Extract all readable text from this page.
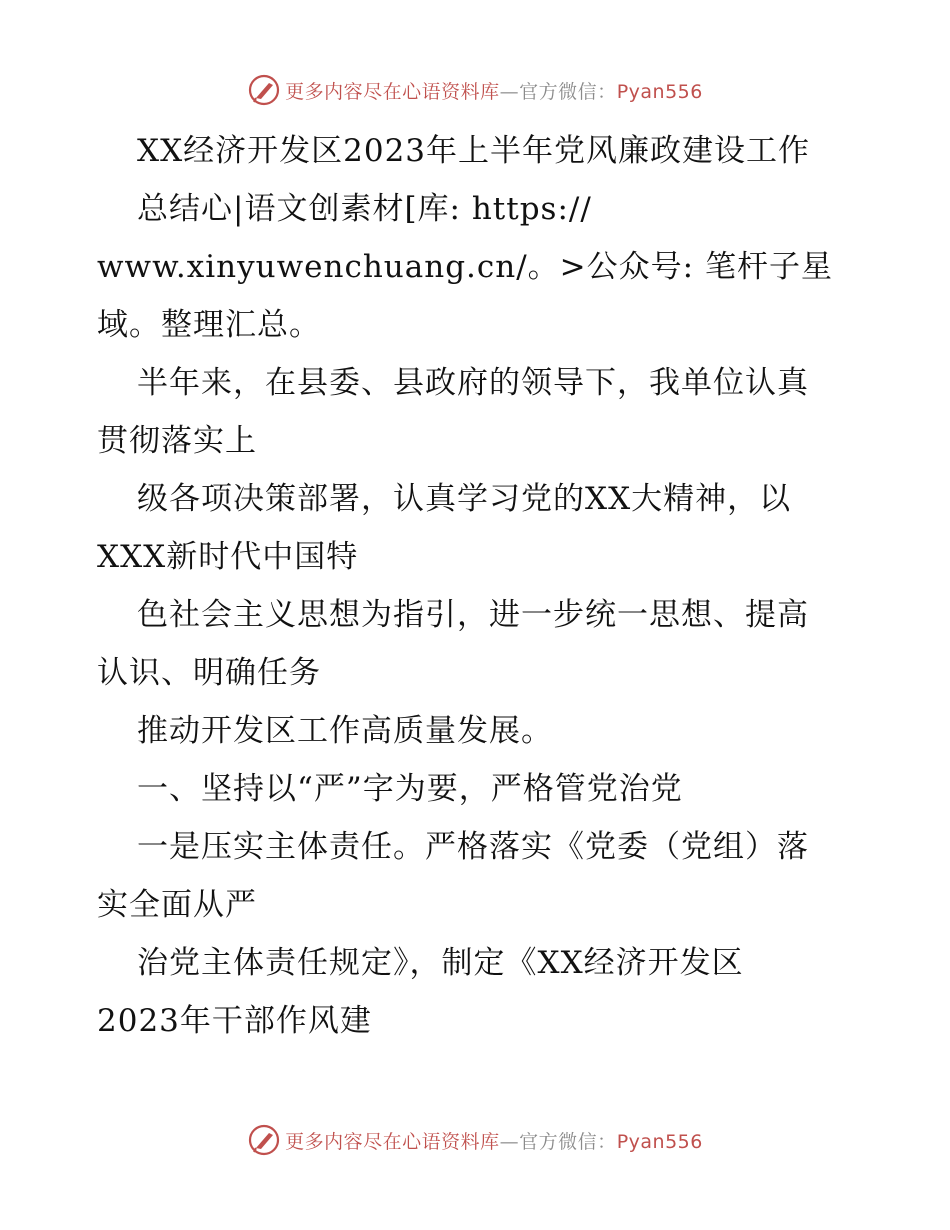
更多内容尽在心语资料库—官方微信：Pyan556
XX经济开发区2023年上半年党风廉政建设工作
总结心|语文创素材[库: https://
www.xinyuwenchuang.cn/。>公众号: 笔杆子星
域。整理汇总。
半年来，在县委、县政府的领导下，我单位认真
贯彻落实上
级各项决策部署，认真学习党的XX大精神，以
XXX新时代中国特
色社会主义思想为指引，进一步统一思想、提高
认识、明确任务
推动开发区工作高质量发展。
一、坚持以“严”字为要，严格管党治党
一是压实主体责任。严格落实《党委（党组）落
实全面从严
治党主体责任规定》，制定《XX经济开发区
2023年干部作风建
更多内容尽在心语资料库—官方微信：Pyan556
